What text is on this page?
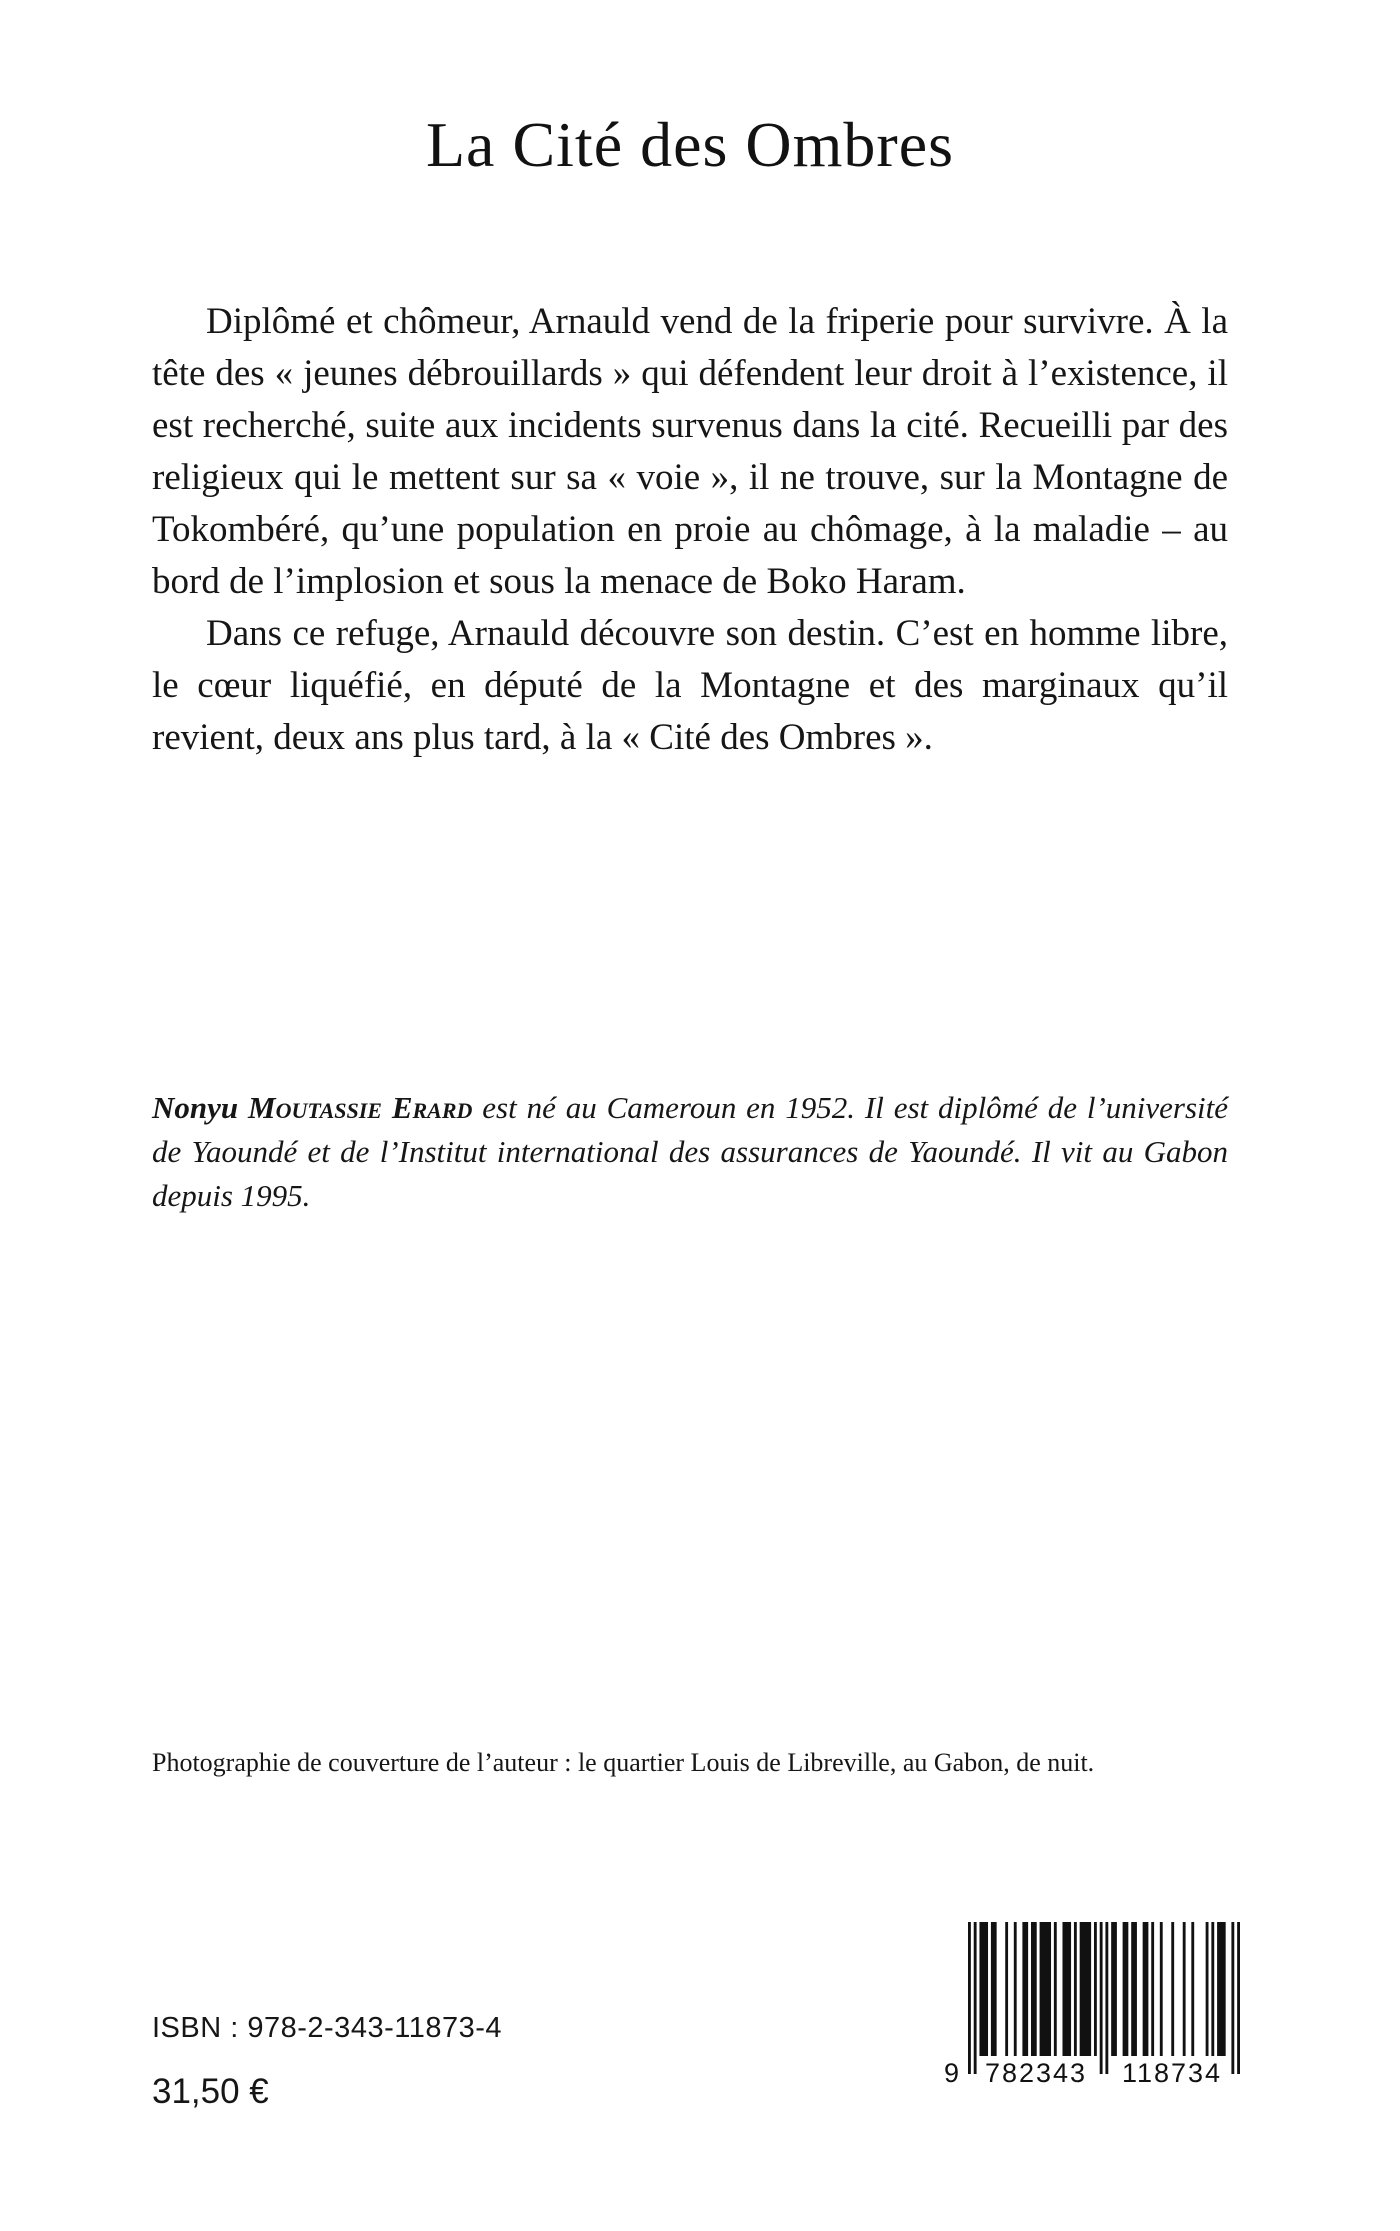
La Cité des Ombres

Diplômé et chômeur, Arnauld vend de la friperie pour survivre. À la tête des « jeunes débrouillards » qui défendent leur droit à l’existence, il est recherché, suite aux incidents survenus dans la cité. Recueilli par des religieux qui le mettent sur sa « voie », il ne trouve, sur la Montagne de Tokombéré, qu’une population en proie au chômage, à la maladie – au bord de l’implosion et sous la menace de Boko Haram.

Dans ce refuge, Arnauld découvre son destin. C’est en homme libre, le cœur liquéfié, en député de la Montagne et des marginaux qu’il revient, deux ans plus tard, à la « Cité des Ombres ».

Nonyu Moutassie Erard est né au Cameroun en 1952. Il est diplômé de l’université de Yaoundé et de l’Institut international des assurances de Yaoundé. Il vit au Gabon depuis 1995.

Photographie de couverture de l’auteur : le quartier Louis de Libreville, au Gabon, de nuit.

ISBN : 978-2-343-11873-4
31,50 €	9 782343 118734
